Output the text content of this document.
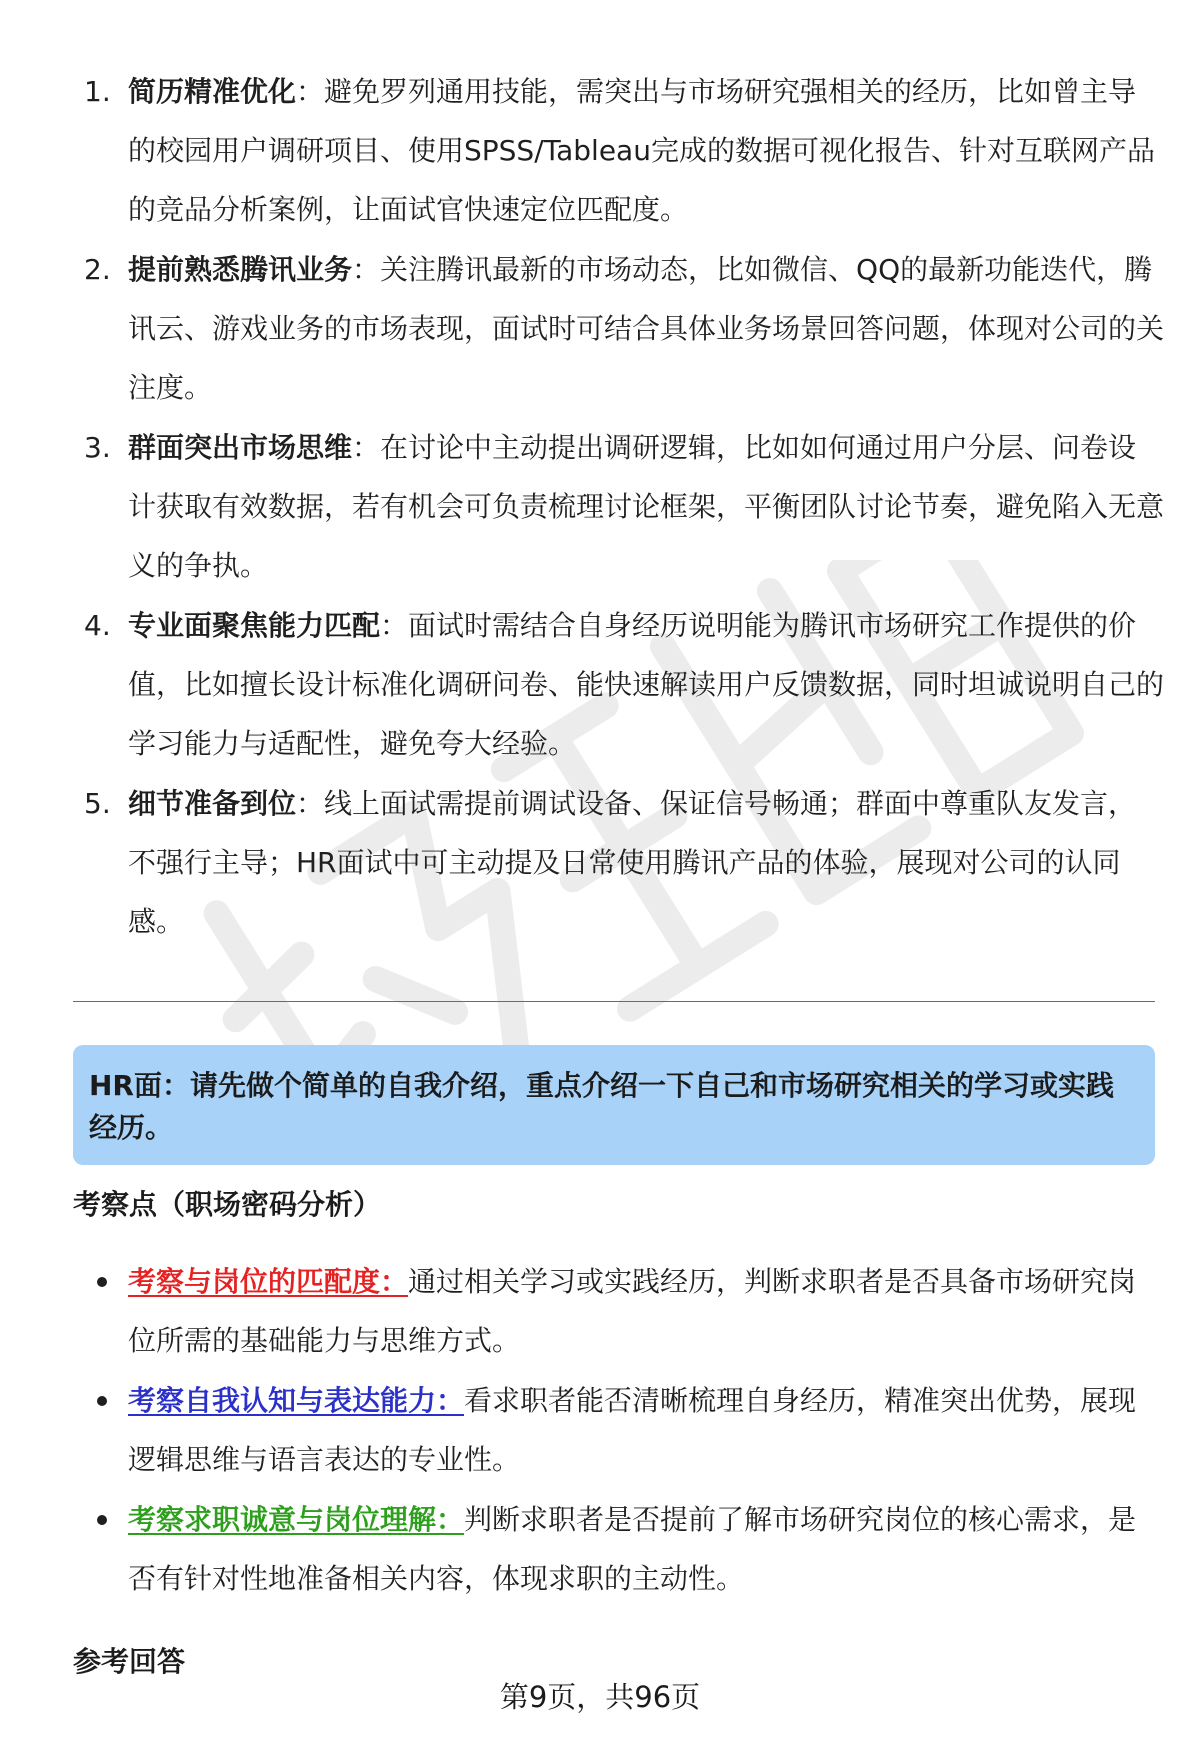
1. 简历精准优化：避免罗列通用技能，需突出与市场研究强相关的经历，比如曾主导的校园用户调研项目、使用SPSS/Tableau完成的数据可视化报告、针对互联网产品的竞品分析案例，让面试官快速定位匹配度。
2. 提前熟悉腾讯业务：关注腾讯最新的市场动态，比如微信、QQ的最新功能迭代，腾讯云、游戏业务的市场表现，面试时可结合具体业务场景回答问题，体现对公司的关注度。
3. 群面突出市场思维：在讨论中主动提出调研逻辑，比如如何通过用户分层、问卷设计获取有效数据，若有机会可负责梳理讨论框架，平衡团队讨论节奏，避免陷入无意义的争执。
4. 专业面聚焦能力匹配：面试时需结合自身经历说明能为腾讯市场研究工作提供的价值，比如擅长设计标准化调研问卷、能快速解读用户反馈数据，同时坦诚说明自己的学习能力与适配性，避免夸大经验。
5. 细节准备到位：线上面试需提前调试设备、保证信号畅通；群面中尊重队友发言，不强行主导；HR面试中可主动提及日常使用腾讯产品的体验，展现对公司的认同感。
HR面：请先做个简单的自我介绍，重点介绍一下自己和市场研究相关的学习或实践经历。
考察点（职场密码分析）
考察与岗位的匹配度：通过相关学习或实践经历，判断求职者是否具备市场研究岗位所需的基础能力与思维方式。
考察自我认知与表达能力：看求职者能否清晰梳理自身经历，精准突出优势，展现逻辑思维与语言表达的专业性。
考察求职诚意与岗位理解：判断求职者是否提前了解市场研究岗位的核心需求，是否有针对性地准备相关内容，体现求职的主动性。
参考回答
第9页，共96页
